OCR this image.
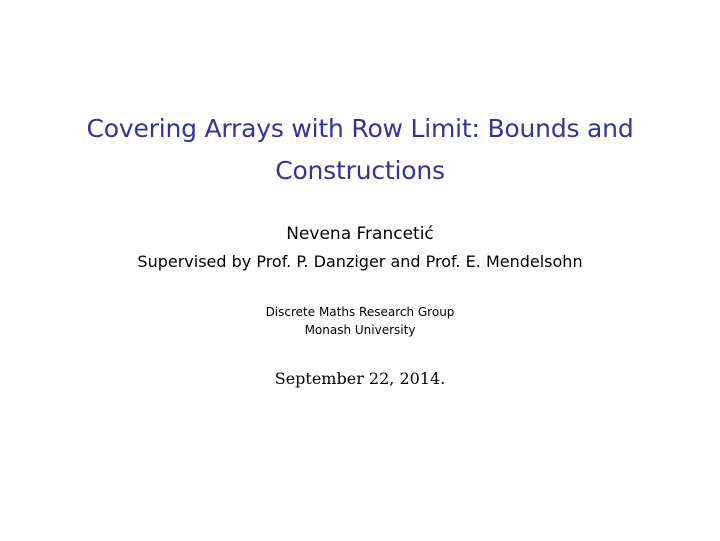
Covering Arrays with Row Limit: Bounds and
Constructions
Nevena Francetić
Supervised by Prof. P. Danziger and Prof. E. Mendelsohn
Discrete Maths Research Group
Monash University
September 22, 2014.
